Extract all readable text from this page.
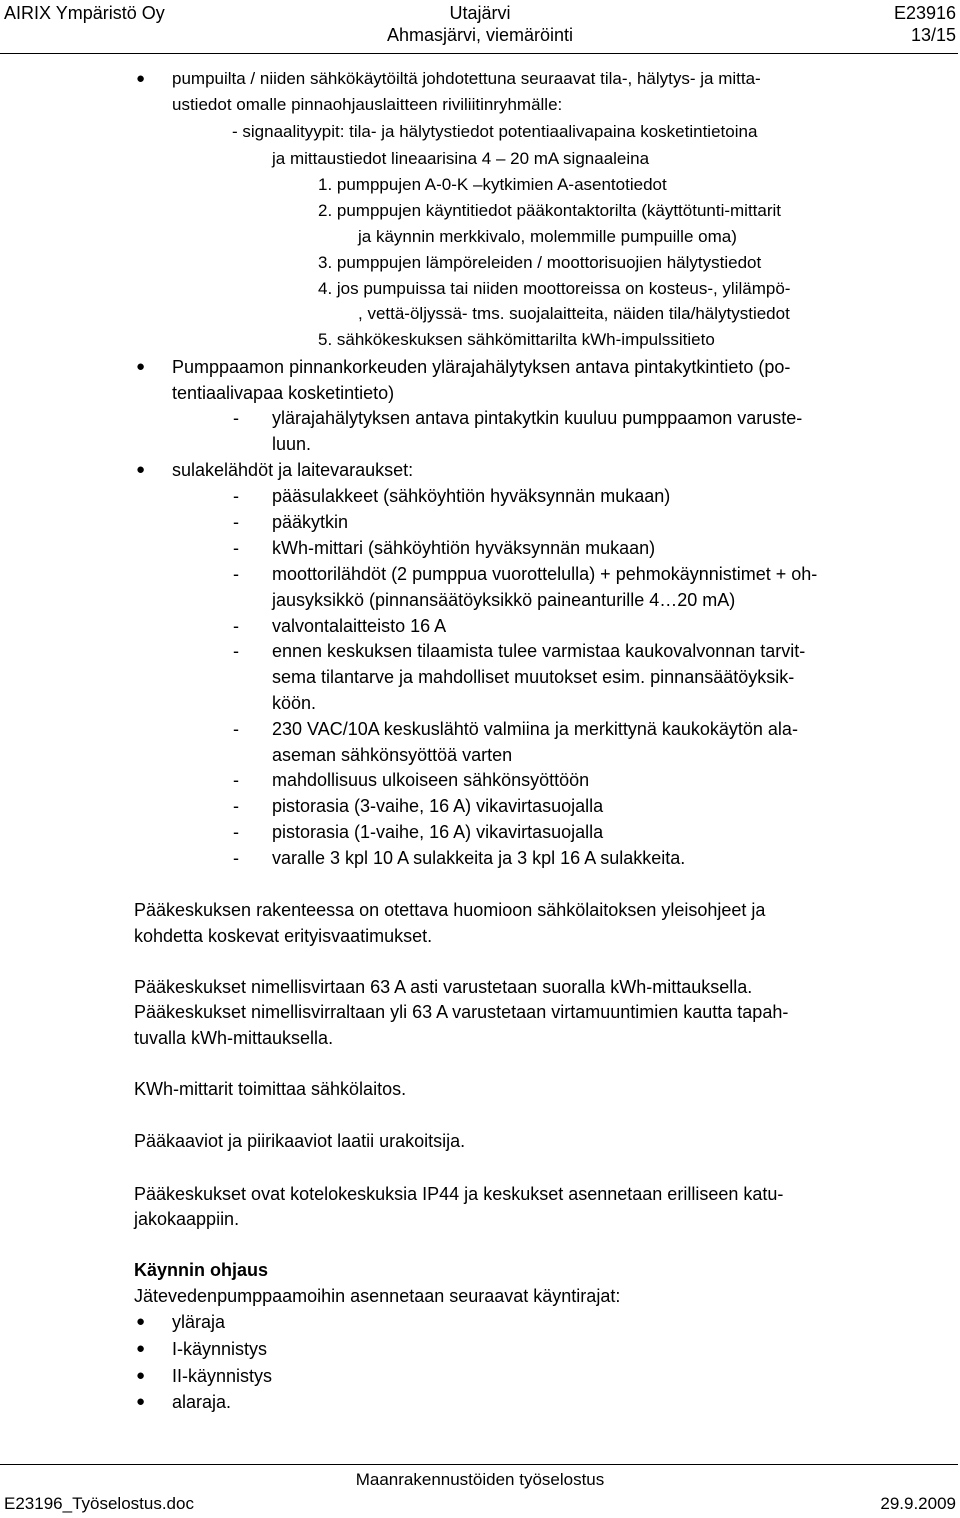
AIRIX Ympäristö Oy	Utajärvi	E23916
Ahmasjärvi, viemäröinti	13/15
● pumpuilta / niiden sähkökäytöiltä johdotettuna seuraavat tila-, hälytys- ja mitta-
ustiedot omalle pinnaohjauslaitteen riviliitinryhmälle:
- signaalityypit: tila- ja hälytystiedot potentiaalivapaina kosketintietoina
ja mittaustiedot lineaarisina 4 – 20 mA signaaleina
1. pumppujen A-0-K –kytkimien A-asentotiedot
2. pumppujen käyntitiedot pääkontaktorilta (käyttötunti-mittarit
ja käynnin merkkivalo, molemmille pumpuille oma)
3. pumppujen lämpöreleiden / moottorisuojien hälytystiedot
4. jos pumpuissa tai niiden moottoreissa on kosteus-, ylilämpö-
, vettä-öljyssä- tms. suojalaitteita, näiden tila/hälytystiedot
5. sähkökeskuksen sähkömittarilta kWh-impulssitieto
● Pumppaamon pinnankorkeuden ylärajahälytyksen antava pintakytkintieto (po-
tentiaalivapaa kosketintieto)
- ylärajahälytyksen antava pintakytkin kuuluu pumppaamon varuste-
luun.
● sulakelähdöt ja laitevaraukset:
- pääsulakkeet (sähköyhtiön hyväksynnän mukaan)
- pääkytkin
- kWh-mittari (sähköyhtiön hyväksynnän mukaan)
- moottorilähdöt (2 pumppua vuorottelulla) + pehmokäynnistimet + oh-
jausyksikkö (pinnansäätöyksikkö paineanturille 4…20 mA)
- valvontalaitteisto 16 A
- ennen keskuksen tilaamista tulee varmistaa kaukovalvonnan tarvit-
sema tilantarve ja mahdolliset muutokset esim. pinnansäätöyksik-
köön.
- 230 VAC/10A keskuslähtö valmiina ja merkittynä kaukokäytön ala-
aseman sähkönsyöttöä varten
- mahdollisuus ulkoiseen sähkönsyöttöön
- pistorasia (3-vaihe, 16 A) vikavirtasuojalla
- pistorasia (1-vaihe, 16 A) vikavirtasuojalla
- varalle 3 kpl 10 A sulakkeita ja 3 kpl 16 A sulakkeita.
Pääkeskuksen rakenteessa on otettava huomioon sähkölaitoksen yleisohjeet ja
kohdetta koskevat erityisvaatimukset.
Pääkeskukset nimellisvirtaan 63 A asti varustetaan suoralla kWh-mittauksella.
Pääkeskukset nimellisvirraltaan yli 63 A varustetaan virtamuuntimien kautta tapah-
tuvalla kWh-mittauksella.
KWh-mittarit toimittaa sähkölaitos.
Pääkaaviot ja piirikaaviot laatii urakoitsija.
Pääkeskukset ovat kotelokeskuksia IP44 ja keskukset asennetaan erilliseen katu-
jakokaappiin.
Käynnin ohjaus
Jätevedenpumppaamoihin asennetaan seuraavat käyntirajat:
● yläraja
● I-käynnistys
● II-käynnistys
● alaraja.
Maanrakennustöiden työselostus
E23196_Työselostus.doc	29.9.2009
